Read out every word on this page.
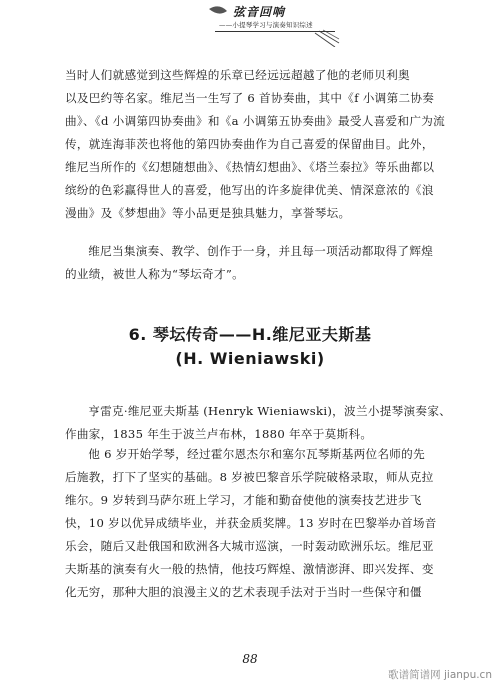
弦音回响
——小提琴学习与演奏知识综述
当时人们就感觉到这些辉煌的乐章已经远远超越了他的老师贝利奥
以及巴约等名家。维尼当一生写了 6 首协奏曲，其中《f 小调第二协奏
曲》、《d 小调第四协奏曲》和《a 小调第五协奏曲》最受人喜爱和广为流
传，就连海菲茨也将他的第四协奏曲作为自己喜爱的保留曲目。此外，
维尼当所作的《幻想随想曲》、《热情幻想曲》、《塔兰泰拉》等乐曲都以
缤纷的色彩赢得世人的喜爱，他写出的许多旋律优美、情深意浓的《浪
漫曲》及《梦想曲》等小品更是独具魅力，享誉琴坛。
维尼当集演奏、教学、创作于一身，并且每一项活动都取得了辉煌
的业绩，被世人称为“琴坛奇才”。
6. 琴坛传奇——H.维尼亚夫斯基
(H. Wieniawski)
亨雷克·维尼亚夫斯基 (Henryk Wieniawski)，波兰小提琴演奏家、
作曲家，1835 年生于波兰卢布林，1880 年卒于莫斯科。
他 6 岁开始学琴，经过霍尔恩杰尔和塞尔瓦琴斯基两位名师的先
后施教，打下了坚实的基础。8 岁被巴黎音乐学院破格录取，师从克拉
维尔。9 岁转到马萨尔班上学习，才能和勤奋使他的演奏技艺进步飞
快，10 岁以优异成绩毕业，并获金质奖牌。13 岁时在巴黎举办首场音
乐会，随后又赴俄国和欧洲各大城市巡演，一时轰动欧洲乐坛。维尼亚
夫斯基的演奏有火一般的热情，他技巧辉煌、激情澎湃、即兴发挥、变
化无穷，那种大胆的浪漫主义的艺术表现手法对于当时一些保守和僵
88
歌谱简谱网 jianpu.cn
